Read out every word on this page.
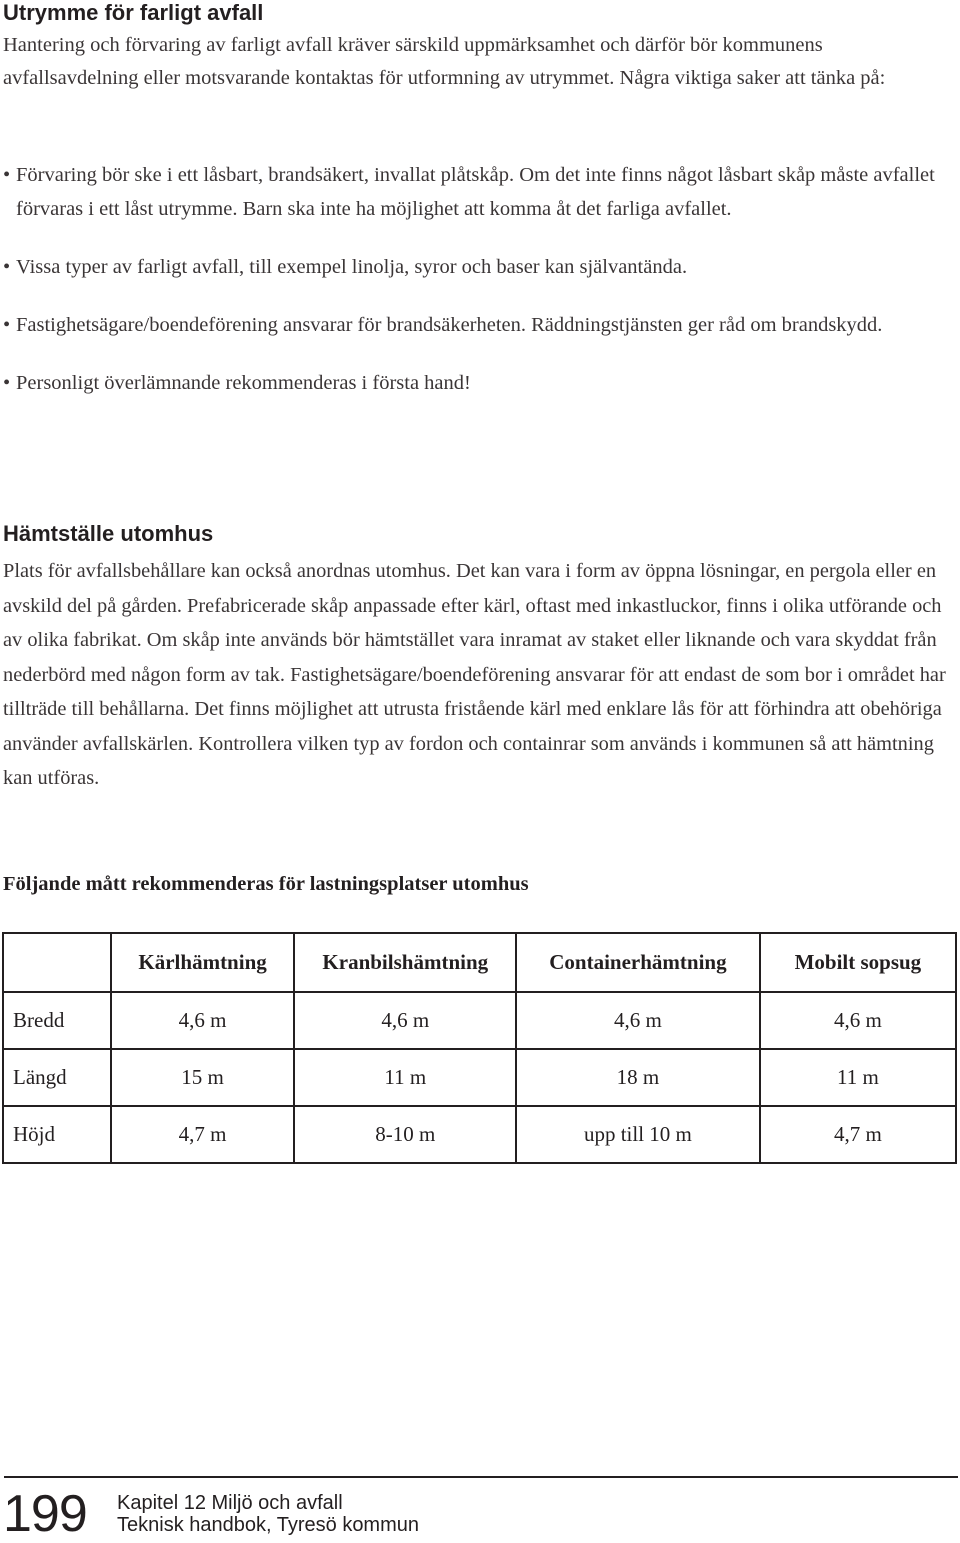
Utrymme för farligt avfall

Hantering och förvaring av farligt avfall kräver särskild uppmärksamhet och därför bör kommunens avfallsavdelning eller motsvarande kontaktas för utformning av utrymmet. Några viktiga saker att tänka på:

• Förvaring bör ske i ett låsbart, brandsäkert, invallat plåtskåp. Om det inte finns något låsbart skåp måste avfallet förvaras i ett låst utrymme. Barn ska inte ha möjlighet att komma åt det farliga avfallet.
• Vissa typer av farligt avfall, till exempel linolja, syror och baser kan självantända.
• Fastighetsägare/boendeförening ansvarar för brandsäkerheten. Räddningstjänsten ger råd om brandskydd.
• Personligt överlämnande rekommenderas i första hand!
Hämtställe utomhus

Plats för avfallsbehållare kan också anordnas utomhus. Det kan vara i form av öppna lösningar, en pergola eller en avskild del på gården. Prefabricerade skåp anpassade efter kärl, oftast med inkastluckor, finns i olika utförande och av olika fabrikat. Om skåp inte används bör hämtstället vara inramat av staket eller liknande och vara skyddat från nederbörd med någon form av tak. Fastighetsägare/boendeförening ansvarar för att endast de som bor i området har tillträde till behållarna. Det finns möjlighet att utrusta fristående kärl med enklare lås för att förhindra att obehöriga använder avfallskärlen. Kontrollera vilken typ av fordon och containrar som används i kommunen så att hämtning kan utföras.

Följande mått rekommenderas för lastningsplatser utomhus
	Kärlhämtning	Kranbilshämtning	Containerhämtning	Mobilt sopsug
Bredd	4,6 m	4,6 m	4,6 m	4,6 m
Längd	15 m	11 m	18 m	11 m
Höjd	4,7 m	8-10 m	upp till 10 m	4,7 m
199 Kapitel 12 Miljö och avfall
Teknisk handbok, Tyresö kommun
